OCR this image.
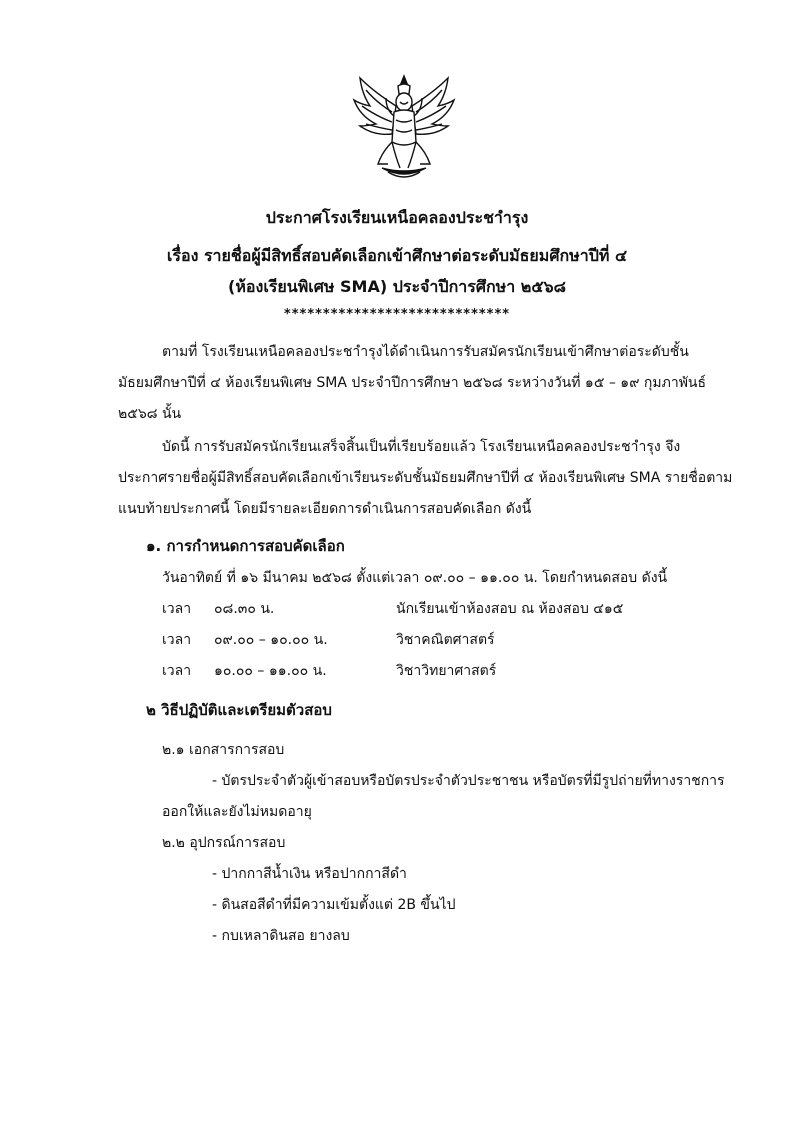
ประกาศโรงเรียนเหนือคลองประชาำรุง
เรื่อง รายชื่อผู้มีสิทธิ์สอบคัดเลือกเข้าศึกษาต่อระดับมัธยมศึกษาปีที่ ๔
(ห้องเรียนพิเศษ SMA) ประจำปีการศึกษา ๒๕๖๘
*****************************
ตามที่ โรงเรียนเหนือคลองประชาำรุงได้ดำเนินการรับสมัครนักเรียนเข้าศึกษาต่อระดับชั้น
มัธยมศึกษาปีที่ ๔ ห้องเรียนพิเศษ SMA ประจำปีการศึกษา ๒๕๖๘ ระหว่างวันที่ ๑๕ – ๑๙ กุมภาพันธ์
๒๕๖๘ นั้น
บัดนี้ การรับสมัครนักเรียนเสร็จสิ้นเป็นที่เรียบร้อยแล้ว โรงเรียนเหนือคลองประชาำรุง จึง
ประกาศรายชื่อผู้มีสิทธิ์สอบคัดเลือกเข้าเรียนระดับชั้นมัธยมศึกษาปีที่ ๔ ห้องเรียนพิเศษ SMA รายชื่อตาม
แนบท้ายประกาศนี้ โดยมีรายละเอียดการดำเนินการสอบคัดเลือก ดังนี้
๑. การกำหนดการสอบคัดเลือก
วันอาทิตย์ ที่ ๑๖ มีนาคม ๒๕๖๘ ตั้งแต่เวลา ๐๙.๐๐ – ๑๑.๐๐ น. โดยกำหนดสอบ ดังนี้
เวลา ๐๘.๓๐ น.	นักเรียนเข้าห้องสอบ ณ ห้องสอบ ๔๑๕
เวลา ๐๙.๐๐ – ๑๐.๐๐ น.	วิชาคณิตศาสตร์
เวลา ๑๐.๐๐ – ๑๑.๐๐ น.	วิชาวิทยาศาสตร์
๒ วิธีปฏิบัติและเตรียมตัวสอบ
๒.๑ เอกสารการสอบ
- บัตรประจำตัวผู้เข้าสอบหรือบัตรประจำตัวประชาชน หรือบัตรที่มีรูปถ่ายที่ทางราชการ
ออกให้และยังไม่หมดอายุ
๒.๒ อุปกรณ์การสอบ
- ปากกาสีน้ำเงิน หรือปากกาสีดำ
- ดินสอสีดำที่มีความเข้มตั้งแต่ 2B ขึ้นไป
- กบเหลาดินสอ ยางลบ
